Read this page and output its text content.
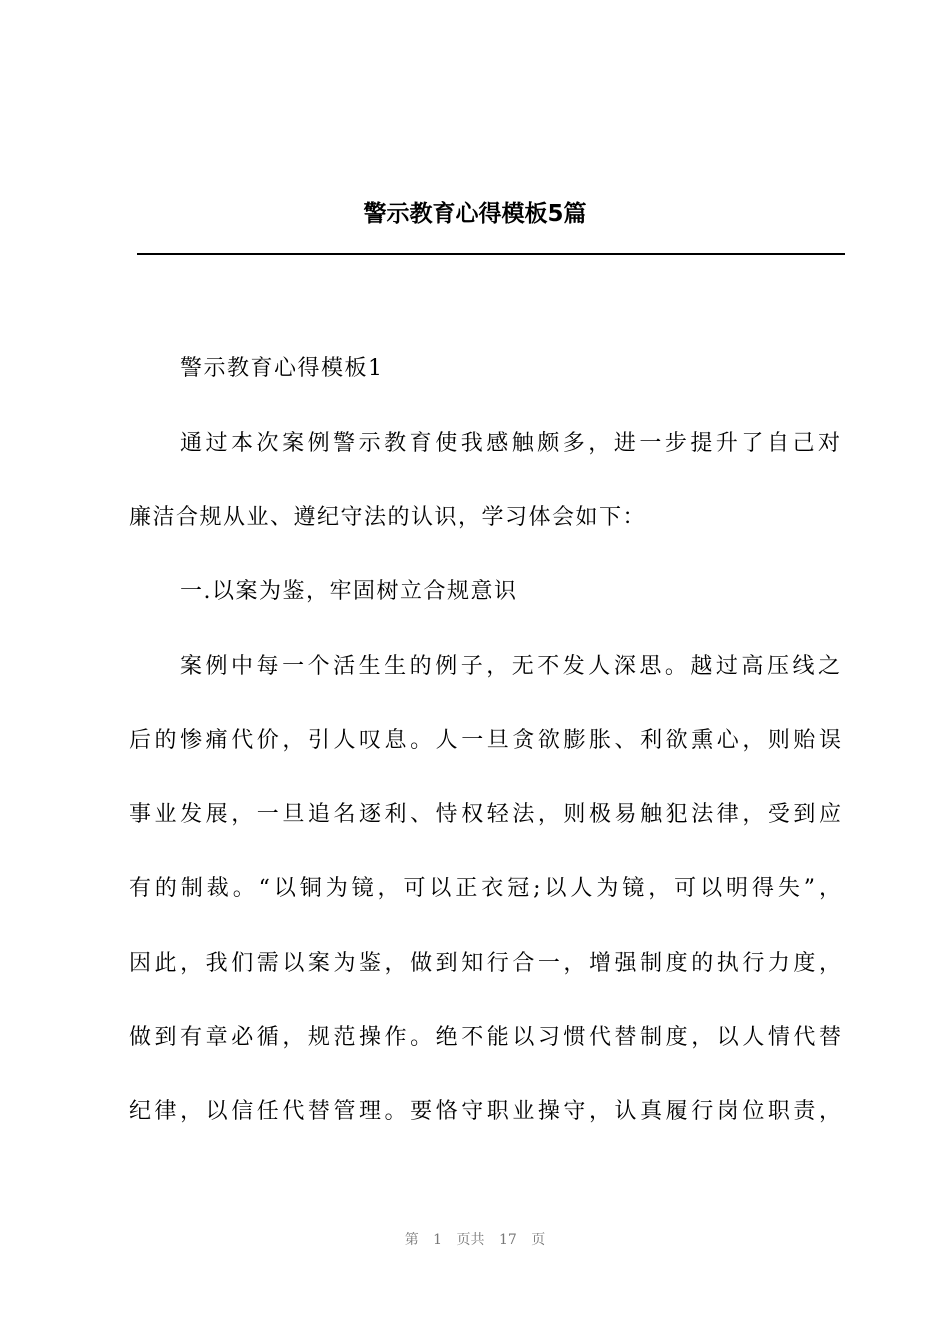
警示教育心得模板5篇
警示教育心得模板1
通过本次案例警示教育使我感触颇多，进一步提升了自己对
廉洁合规从业、遵纪守法的认识，学习体会如下：
一.以案为鉴，牢固树立合规意识
案例中每一个活生生的例子，无不发人深思。越过高压线之
后的惨痛代价，引人叹息。人一旦贪欲膨胀、利欲熏心，则贻误
事业发展，一旦追名逐利、恃权轻法，则极易触犯法律，受到应
有的制裁。“以铜为镜，可以正衣冠;以人为镜，可以明得失”，
因此，我们需以案为鉴，做到知行合一，增强制度的执行力度，
做到有章必循，规范操作。绝不能以习惯代替制度，以人情代替
纪律，以信任代替管理。要恪守职业操守，认真履行岗位职责，
第 1 页共 17 页
